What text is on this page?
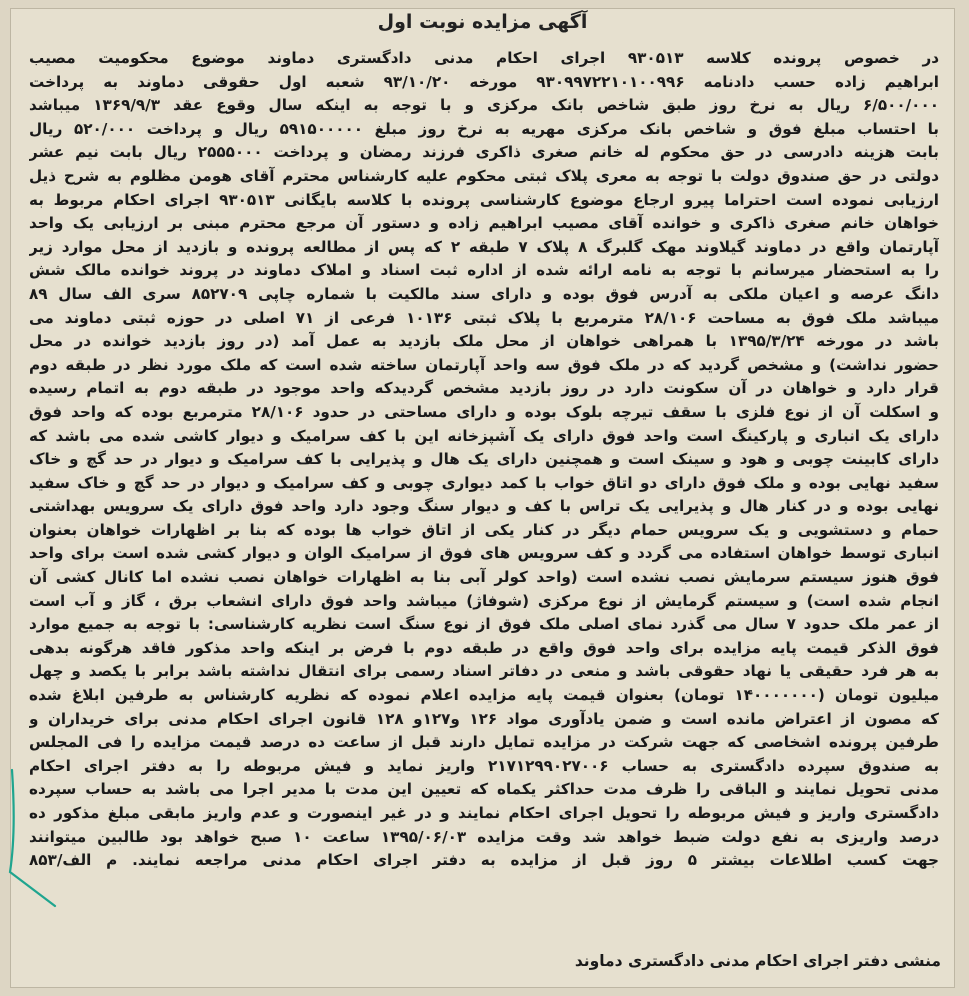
آگهی مزایده نوبت اول
در خصوص پرونده کلاسه ۹۳۰۵۱۳ اجرای احکام مدنی دادگستری دماوند موضوع محکومیت مصیب
ابراهیم زاده حسب دادنامه ۹۳۰۹۹۷۲۲۱۰۱۰۰۹۹۶ مورخه ۹۳/۱۰/۲۰ شعبه اول حقوقی دماوند به پرداخت
۶/۵۰۰/۰۰۰ ریال به نرخ روز طبق شاخص بانک مرکزی و با توجه به اینکه سال وقوع عقد ۱۳۶۹/۹/۳ میباشد
با احتساب مبلغ فوق و شاخص بانک مرکزی مهریه به نرخ روز مبلغ ۵۹۱۵۰۰۰۰۰ ریال و پرداخت ۵۲۰/۰۰۰ ریال
بابت هزینه دادرسی در حق محکوم له خانم صغری ذاکری فرزند رمضان و پرداخت ۲۵۵۵۰۰۰ ریال بابت نیم عشر
دولتی در حق صندوق دولت با توجه به معری پلاک ثبتی محکوم علیه کارشناس محترم آقای هومن مظلوم به شرح ذیل
ارزیابی نموده است احتراما پیرو ارجاع موضوع کارشناسی پرونده با کلاسه بایگانی ۹۳۰۵۱۳ اجرای احکام مربوط به
خواهان خانم صغری ذاکری و خوانده آقای مصیب ابراهیم زاده و دستور آن مرجع محترم مبنی بر ارزیابی یک واحد
آپارتمان واقع در دماوند گیلاوند مهک گلبرگ ۸ پلاک ۷ طبقه ۲ که پس از مطالعه پرونده و بازدید از محل موارد زیر
را به استحضار میرسانم با توجه به نامه ارائه شده از اداره ثبت اسناد و املاک دماوند در پروند خوانده مالک شش
دانگ عرصه و اعیان ملکی به آدرس فوق بوده و دارای سند مالکیت با شماره چاپی ۸۵۲۷۰۹ سری الف سال ۸۹
میباشد ملک فوق به مساحت ۲۸/۱۰۶ مترمربع با پلاک ثبتی ۱۰۱۳۶ فرعی از ۷۱ اصلی در حوزه ثبتی دماوند می
باشد در مورخه ۱۳۹۵/۳/۲۴ با همراهی خواهان از محل ملک بازدید به عمل آمد (در روز بازدید خوانده در محل
حضور نداشت) و مشخص گردید که در ملک فوق سه واحد آپارتمان ساخته شده است که ملک مورد نظر در طبقه دوم
قرار دارد و خواهان در آن سکونت دارد در روز بازدید مشخص گردیدکه واحد موجود در طبقه دوم به اتمام رسیده
و اسکلت آن از نوع فلزی با سقف تیرچه بلوک بوده و دارای مساحتی در حدود ۲۸/۱۰۶ مترمربع بوده که واحد فوق
دارای یک انباری و پارکینگ است واحد فوق دارای یک آشپزخانه این با کف سرامیک و دیوار کاشی شده می باشد که
دارای کابینت چوبی و هود و سینک است و همچنین دارای یک هال و پذیرایی با کف سرامیک و دیوار در حد گچ و خاک
سفید نهایی بوده و ملک فوق دارای دو اتاق خواب با کمد دیواری چوبی و کف سرامیک و دیوار در حد گچ و خاک سفید
نهایی بوده و در کنار هال و پذیرایی یک تراس با کف و دیوار سنگ وجود دارد واحد فوق دارای یک سرویس بهداشتی
حمام و دستشویی و یک سرویس حمام دیگر در کنار یکی از اتاق خواب ها بوده که بنا بر اظهارات خواهان بعنوان
انباری توسط خواهان استفاده می گردد و کف سرویس های فوق از سرامیک الوان و دیوار کشی شده است برای واحد
فوق هنوز سیستم سرمایش نصب نشده است (واحد کولر آبی بنا به اظهارات خواهان نصب نشده اما کانال کشی آن
انجام شده است) و سیستم گرمایش از نوع مرکزی (شوفاژ) میباشد واحد فوق دارای انشعاب برق ، گاز و آب است
از عمر ملک حدود ۷ سال می گذرد نمای اصلی ملک فوق از نوع سنگ است نظریه کارشناسی: با توجه به جمیع موارد
فوق الذکر قیمت پایه مزایده برای واحد فوق واقع در طبقه دوم با فرض بر اینکه واحد مذکور فاقد هرگونه بدهی
به هر فرد حقیقی یا نهاد حقوقی باشد و منعی در دفاتر اسناد رسمی برای انتقال نداشته باشد برابر با یکصد و چهل
میلیون تومان (۱۴۰۰۰۰۰۰۰ تومان) بعنوان قیمت پایه مزایده اعلام نموده که نظریه کارشناس به طرفین ابلاغ شده
که مصون از اعتراض مانده است و ضمن یادآوری مواد ۱۲۶ و۱۲۷و ۱۲۸ قانون اجرای احکام مدنی برای خریداران و
طرفین پرونده اشخاصی که جهت شرکت در مزایده تمایل دارند قبل از ساعت ده درصد قیمت مزایده را فی المجلس
به صندوق سپرده دادگستری به حساب ۲۱۷۱۲۹۹۰۲۷۰۰۶ واریز نماید و فیش مربوطه را به دفتر اجرای احکام
مدنی تحویل نمایند و الباقی را ظرف مدت حداکثر یکماه که تعیین این مدت با مدیر اجرا می باشد به حساب سپرده
دادگستری واریز و فیش مربوطه را تحویل اجرای احکام نمایند و در غیر اینصورت و عدم واریز مابقی مبلغ مذکور ده
درصد واریزی به نفع دولت ضبط خواهد شد وقت مزایده ۱۳۹۵/۰۶/۰۳ ساعت ۱۰ صبح خواهد بود طالبین میتوانند
جهت کسب اطلاعات بیشتر ۵ روز قبل از مزایده به دفتر اجرای احکام مدنی مراجعه نمایند. م الف/۸۵۳
منشی دفتر اجرای احکام مدنی دادگستری دماوند
